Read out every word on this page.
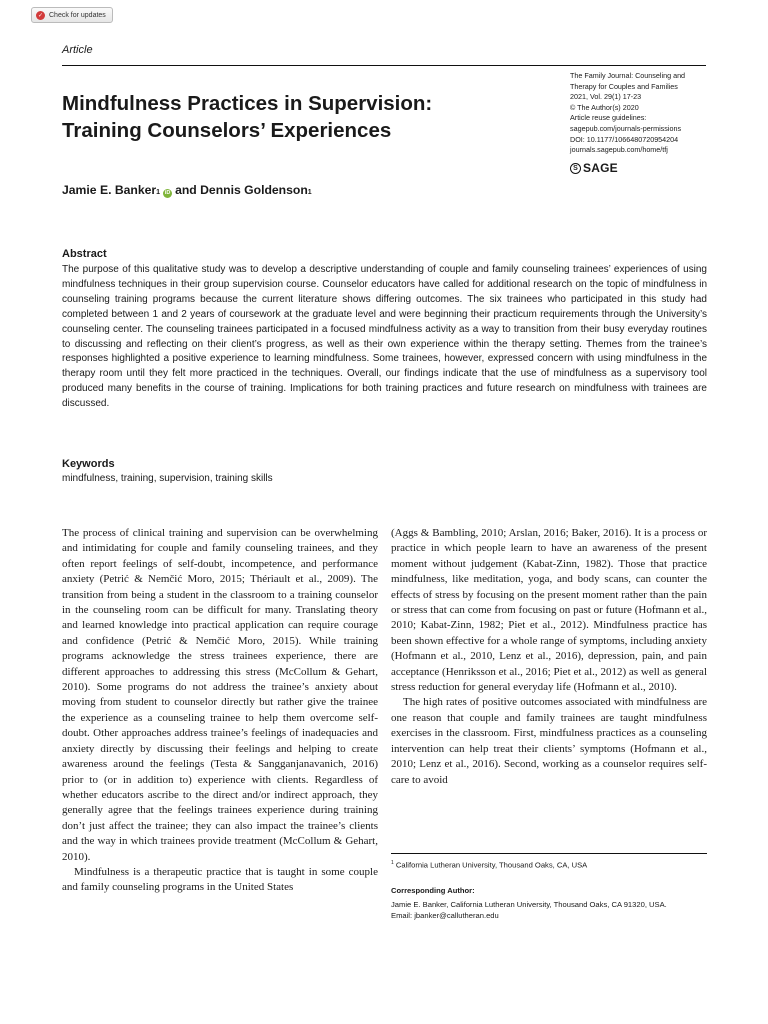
✓ Check for updates
Article
The Family Journal: Counseling and
Therapy for Couples and Families
2021, Vol. 29(1) 17-23
© The Author(s) 2020
Article reuse guidelines:
sagepub.com/journals-permissions
DOI: 10.1177/1066480720954204
journals.sagepub.com/home/tfj
S SAGE
Mindfulness Practices in Supervision:
Training Counselors’ Experiences
Jamie E. Banker$_1$ iD and Dennis Goldenson$_1$
Abstract
The purpose of this qualitative study was to develop a descriptive understanding of couple and family counseling trainees’ experiences of using mindfulness techniques in their group supervision course. Counselor educators have called for additional research on the topic of mindfulness in counseling training programs because the current literature shows differing outcomes. The six trainees who participated in this study had completed between 1 and 2 years of coursework at the graduate level and were beginning their practicum requirements through the University’s counseling center. The counseling trainees participated in a focused mindfulness activity as a way to transition from their busy everyday routines to discussing and reflecting on their client’s progress, as well as their own experience within the therapy setting. Themes from the trainee’s responses highlighted a positive experience to learning mindfulness. Some trainees, however, expressed concern with using mindfulness in the therapy room until they felt more practiced in the techniques. Overall, our findings indicate that the use of mindfulness as a supervisory tool produced many benefits in the course of training. Implications for both training practices and future research on mindfulness with trainees are discussed.
Keywords
mindfulness, training, supervision, training skills

The process of clinical training and supervision can be overwhelming and intimidating for couple and family counseling trainees, and they often report feelings of self-doubt, incompetence, and performance anxiety (Petrić & Nemčić Moro, 2015; Thériault et al., 2009). The transition from being a student in the classroom to a training counselor in the counseling room can be difficult for many. Translating theory and learned knowledge into practical application can require courage and confidence (Petrić & Nemčić Moro, 2015). While training programs acknowledge the stress trainees experience, there are different approaches to addressing this stress (McCollum & Gehart, 2010). Some programs do not address the trainee’s anxiety about moving from student to counselor directly but rather give the trainee the experience as a counseling trainee to help them overcome self-doubt. Other approaches address trainee’s feelings of inadequacies and anxiety directly by discussing their feelings and helping to create awareness around the feelings (Testa & Sangganjanavanich, 2016) prior to (or in addition to) experience with clients. Regardless of whether educators ascribe to the direct and/or indirect approach, they generally agree that the feelings trainees experience during training don’t just affect the trainee; they can also impact the trainee’s clients and the way in which trainees provide treatment (McCollum & Gehart, 2010).

Mindfulness is a therapeutic practice that is taught in some couple and family counseling programs in the United States

(Aggs & Bambling, 2010; Arslan, 2016; Baker, 2016). It is a process or practice in which people learn to have an awareness of the present moment without judgement (Kabat-Zinn, 1982). Those that practice mindfulness, like meditation, yoga, and body scans, can counter the effects of stress by focusing on the present moment rather than the pain or stress that can come from focusing on past or future (Hofmann et al., 2010; Kabat-Zinn, 1982; Piet et al., 2012). Mindfulness practice has been shown effective for a whole range of symptoms, including anxiety (Hofmann et al., 2010, Lenz et al., 2016), depression, pain, and pain acceptance (Henriksson et al., 2016; Piet et al., 2012) as well as general stress reduction for general everyday life (Hofmann et al., 2010).

The high rates of positive outcomes associated with mindfulness are one reason that couple and family trainees are taught mindfulness exercises in the classroom. First, mindfulness practices as a counseling intervention can help treat their clients’ symptoms (Hofmann et al., 2010; Lenz et al., 2016). Second, working as a counselor requires self-care to avoid

$^1$ California Lutheran University, Thousand Oaks, CA, USA
Corresponding Author:
Jamie E. Banker, California Lutheran University, Thousand Oaks, CA 91320, USA.
Email: jbanker@callutheran.edu
